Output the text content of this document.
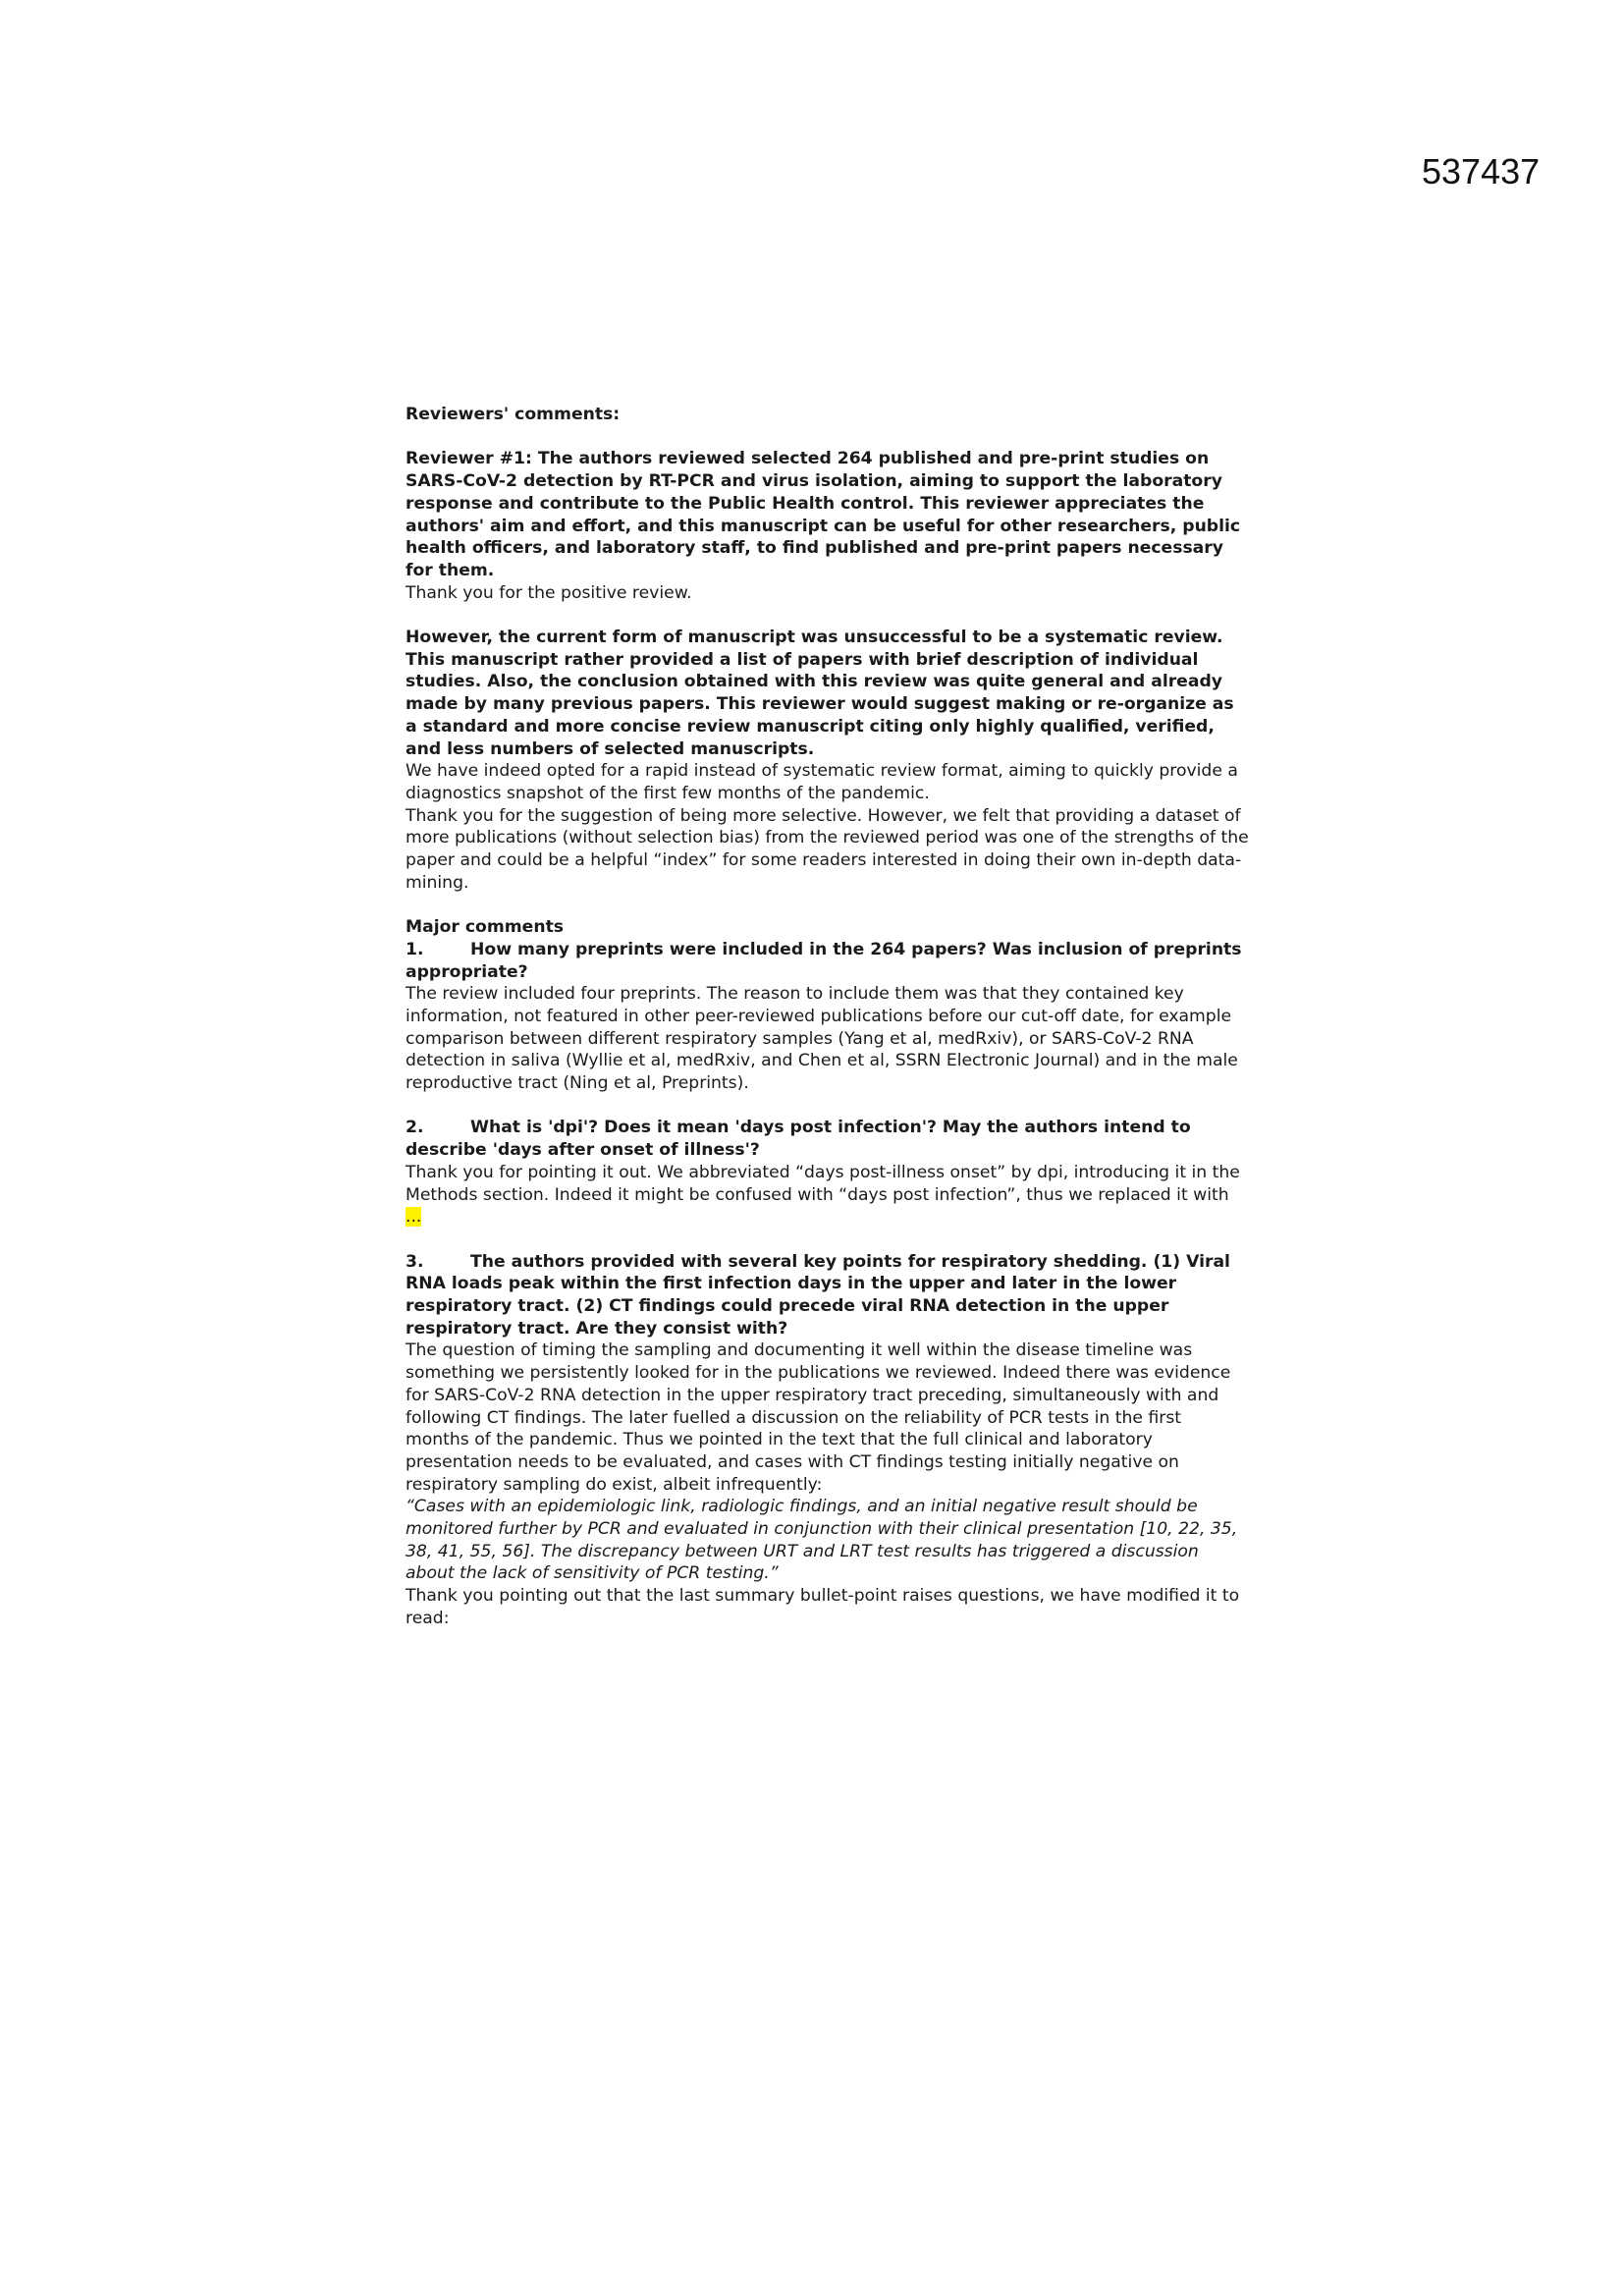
537437

Reviewers' comments:

Reviewer #1: The authors reviewed selected 264 published and pre-print studies on SARS-CoV-2 detection by RT-PCR and virus isolation, aiming to support the laboratory response and contribute to the Public Health control. This reviewer appreciates the authors' aim and effort, and this manuscript can be useful for other researchers, public health officers, and laboratory staff, to find published and pre-print papers necessary for them.

Thank you for the positive review.

However, the current form of manuscript was unsuccessful to be a systematic review. This manuscript rather provided a list of papers with brief description of individual studies. Also, the conclusion obtained with this review was quite general and already made by many previous papers. This reviewer would suggest making or re-organize as a standard and more concise review manuscript citing only highly qualified, verified, and less numbers of selected manuscripts.

We have indeed opted for a rapid instead of systematic review format, aiming to quickly provide a diagnostics snapshot of the first few months of the pandemic.

Thank you for the suggestion of being more selective. However, we felt that providing a dataset of more publications (without selection bias) from the reviewed period was one of the strengths of the paper and could be a helpful “index” for some readers interested in doing their own in-depth data-mining.

Major comments

1.	How many preprints were included in the 264 papers? Was inclusion of preprints appropriate?

The review included four preprints. The reason to include them was that they contained key information, not featured in other peer-reviewed publications before our cut-off date, for example comparison between different respiratory samples (Yang et al, medRxiv), or SARS-CoV-2 RNA detection in saliva (Wyllie et al, medRxiv, and Chen et al, SSRN Electronic Journal) and in the male reproductive tract (Ning et al, Preprints).

2.	What is 'dpi'? Does it mean 'days post infection'? May the authors intend to describe 'days after onset of illness'?

Thank you for pointing it out. We abbreviated “days post-illness onset” by dpi, introducing it in the Methods section. Indeed it might be confused with “days post infection”, thus we replaced it with ...

3.	The authors provided with several key points for respiratory shedding. (1) Viral RNA loads peak within the first infection days in the upper and later in the lower respiratory tract. (2) CT findings could precede viral RNA detection in the upper respiratory tract. Are they consist with?

The question of timing the sampling and documenting it well within the disease timeline was something we persistently looked for in the publications we reviewed. Indeed there was evidence for SARS-CoV-2 RNA detection in the upper respiratory tract preceding, simultaneously with and following CT findings. The later fuelled a discussion on the reliability of PCR tests in the first months of the pandemic. Thus we pointed in the text that the full clinical and laboratory presentation needs to be evaluated, and cases with CT findings testing initially negative on respiratory sampling do exist, albeit infrequently:

“Cases with an epidemiologic link, radiologic findings, and an initial negative result should be monitored further by PCR and evaluated in conjunction with their clinical presentation [10, 22, 35, 38, 41, 55, 56]. The discrepancy between URT and LRT test results has triggered a discussion about the lack of sensitivity of PCR testing.”

Thank you pointing out that the last summary bullet-point raises questions, we have modified it to read:
